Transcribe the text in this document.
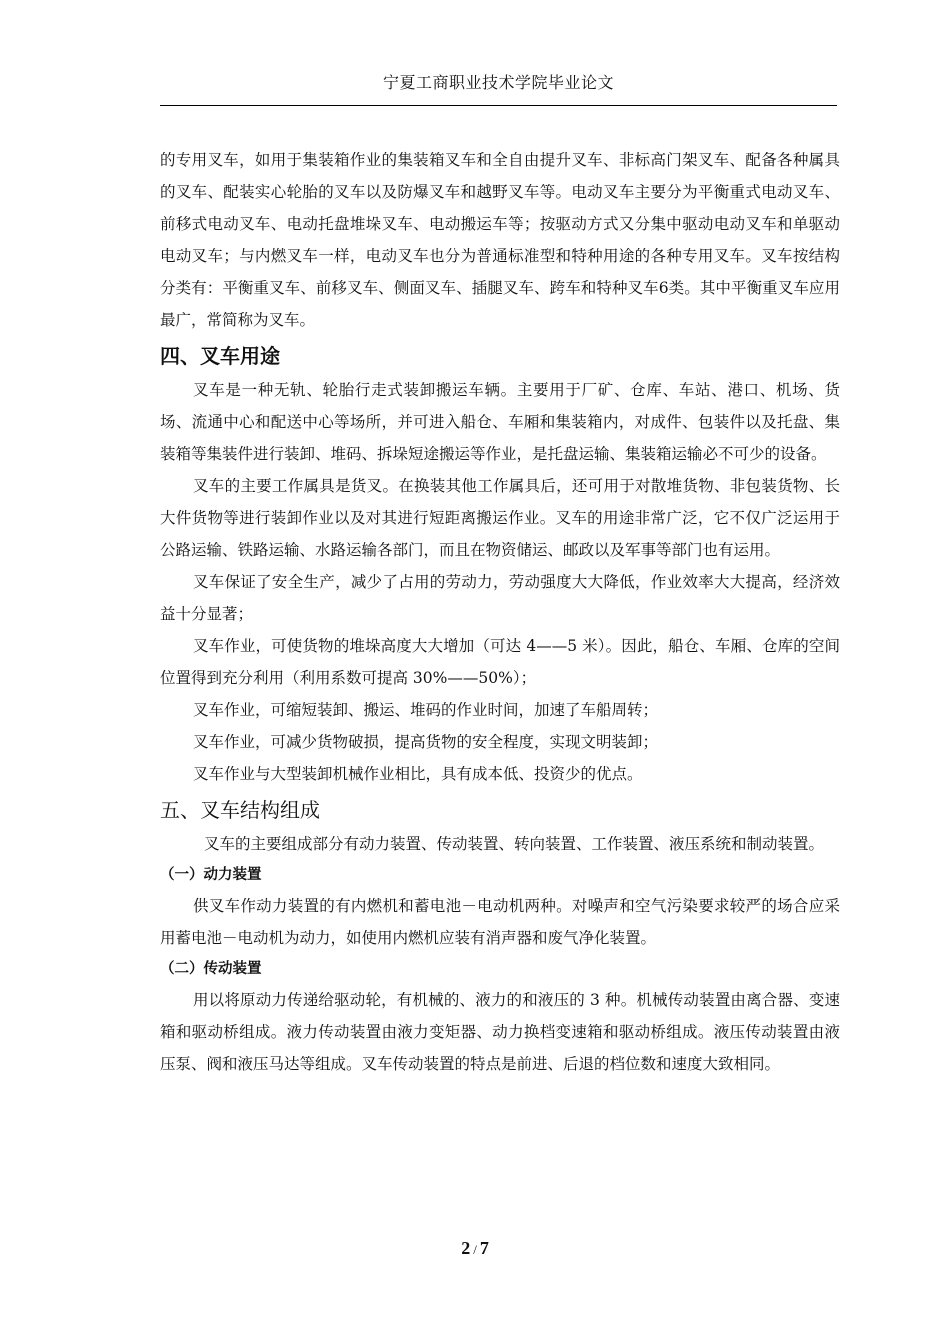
宁夏工商职业技术学院毕业论文

的专用叉车，如用于集装箱作业的集装箱叉车和全自由提升叉车、非标高门架叉车、配备各种属具的叉车、配装实心轮胎的叉车以及防爆叉车和越野叉车等。电动叉车主要分为平衡重式电动叉车、前移式电动叉车、电动托盘堆垛叉车、电动搬运车等；按驱动方式又分集中驱动电动叉车和单驱动电动叉车；与内燃叉车一样，电动叉车也分为普通标准型和特种用途的各种专用叉车。叉车按结构分类有：平衡重叉车、前移叉车、侧面叉车、插腿叉车、跨车和特种叉车6类。其中平衡重叉车应用最广，常简称为叉车。

四、叉车用途

叉车是一种无轨、轮胎行走式装卸搬运车辆。主要用于厂矿、仓库、车站、港口、机场、货场、流通中心和配送中心等场所，并可进入船仓、车厢和集装箱内，对成件、包装件以及托盘、集装箱等集装件进行装卸、堆码、拆垛短途搬运等作业，是托盘运输、集装箱运输必不可少的设备。

叉车的主要工作属具是货叉。在换装其他工作属具后，还可用于对散堆货物、非包装货物、长大件货物等进行装卸作业以及对其进行短距离搬运作业。叉车的用途非常广泛，它不仅广泛运用于公路运输、铁路运输、水路运输各部门，而且在物资储运、邮政以及军事等部门也有运用。

叉车保证了安全生产，减少了占用的劳动力，劳动强度大大降低，作业效率大大提高，经济效益十分显著；

叉车作业，可使货物的堆垛高度大大增加（可达 4——5 米）。因此，船仓、车厢、仓库的空间位置得到充分利用（利用系数可提高 30%——50%）；

叉车作业，可缩短装卸、搬运、堆码的作业时间，加速了车船周转；

叉车作业，可减少货物破损，提高货物的安全程度，实现文明装卸；

叉车作业与大型装卸机械作业相比，具有成本低、投资少的优点。

五、叉车结构组成

叉车的主要组成部分有动力装置、传动装置、转向装置、工作装置、液压系统和制动装置。

（一）动力装置

供叉车作动力装置的有内燃机和蓄电池－电动机两种。对噪声和空气污染要求较严的场合应采用蓄电池－电动机为动力，如使用内燃机应装有消声器和废气净化装置。

（二）传动装置

用以将原动力传递给驱动轮，有机械的、液力的和液压的 3 种。机械传动装置由离合器、变速箱和驱动桥组成。液力传动装置由液力变矩器、动力换档变速箱和驱动桥组成。液压传动装置由液压泵、阀和液压马达等组成。叉车传动装置的特点是前进、后退的档位数和速度大致相同。

2 / 7
